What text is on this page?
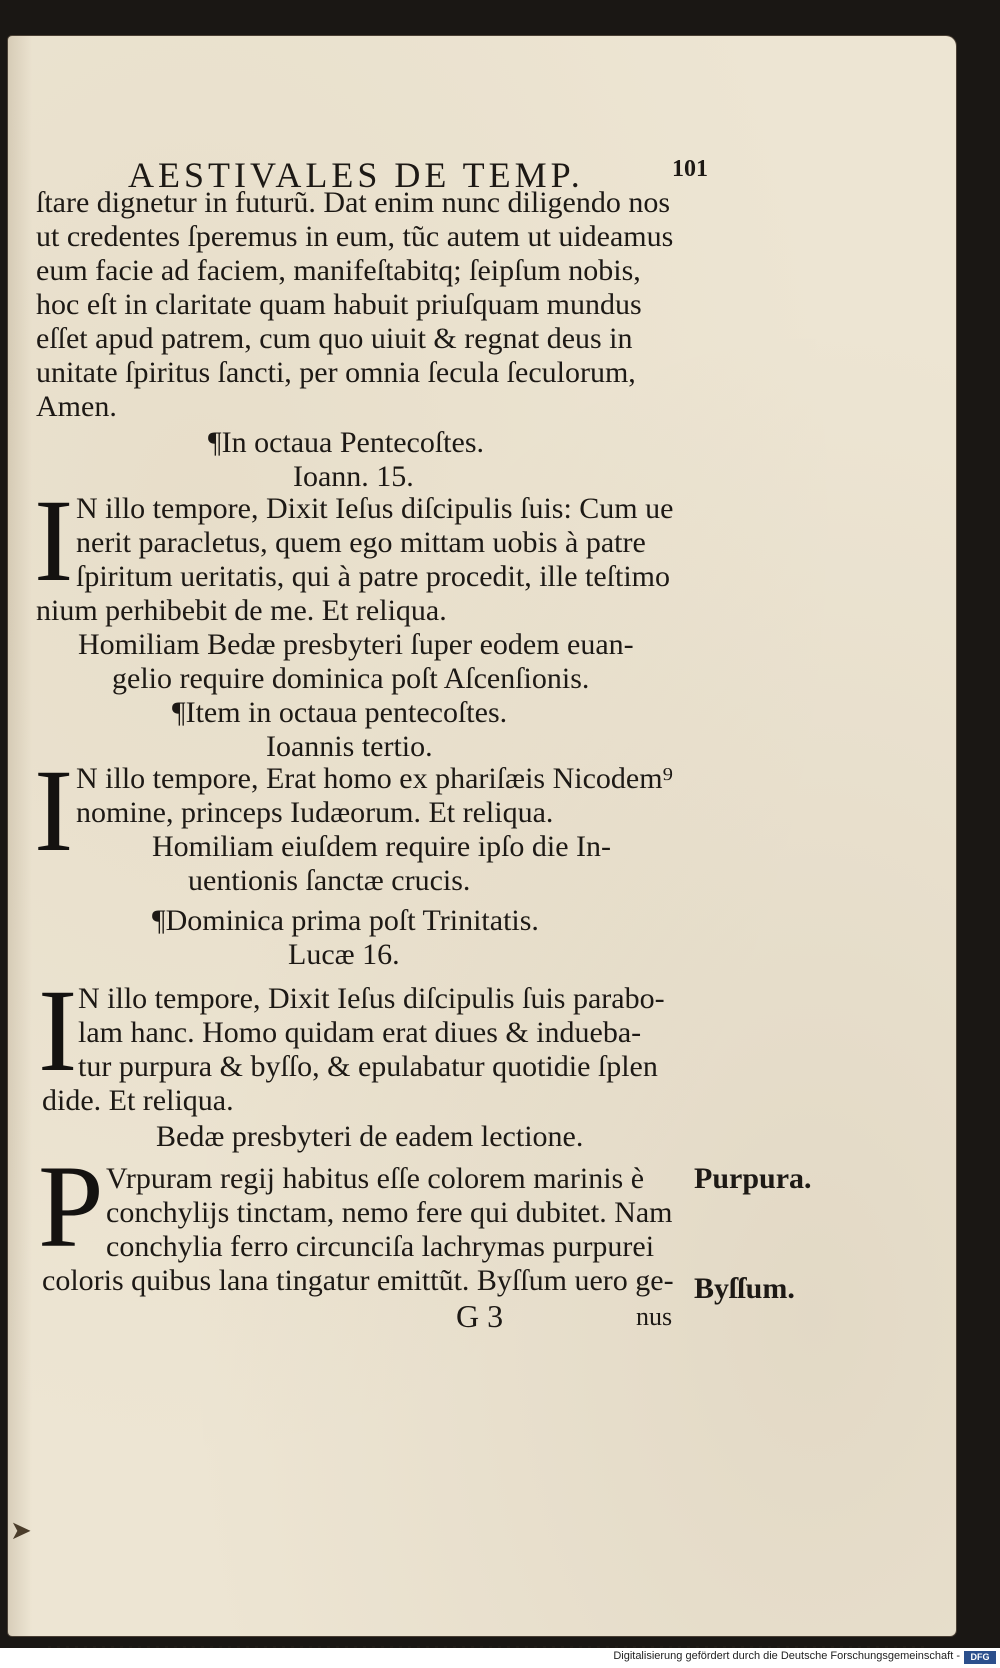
AESTIVALES DE TEMP.	101

ſtare dignetur in futurũ. Dat enim nunc diligendo nos

ut credentes ſperemus in eum, tũc autem ut uideamus

eum facie ad faciem, manifeſtabitq; ſeipſum nobis,

hoc eſt in claritate quam habuit priuſquam mundus

eſſet apud patrem, cum quo uiuit & regnat deus in

unitate ſpiritus ſancti, per omnia ſecula ſeculorum,

Amen.

¶In octaua Pentecoſtes.

Ioann. 15.

I N illo tempore, Dixit Ieſus diſcipulis ſuis: Cum ue

nerit paracletus, quem ego mittam uobis à patre

ſpiritum ueritatis, qui à patre procedit, ille teſtimo

nium perhibebit de me. Et reliqua.

Homiliam Bedæ presbyteri ſuper eodem euan-

gelio require dominica poſt Aſcenſionis.

¶Item in octaua pentecoſtes.

Ioannis tertio.

I N illo tempore, Erat homo ex phariſæis Nicodem⁹

nomine, princeps Iudæorum. Et reliqua.

Homiliam eiuſdem require ipſo die In-

uentionis ſanctæ crucis.

¶Dominica prima poſt Trinitatis.

Lucæ 16.

I N illo tempore, Dixit Ieſus diſcipulis ſuis parabo-

lam hanc. Homo quidam erat diues & indueba-

tur purpura & byſſo, & epulabatur quotidie ſplen

dide. Et reliqua.

Bedæ presbyteri de eadem lectione.

P Vrpuram regij habitus eſſe colorem marinis è

conchylijs tinctam, nemo fere qui dubitet. Nam

conchylia ferro circunciſa lachrymas purpurei

coloris quibus lana tingatur emittũt. Byſſum uero ge-

Purpura.
Byſſum.
G 3	nus
➤
Digitalisierung gefördert durch die Deutsche Forschungsgemeinschaft -	DFG
